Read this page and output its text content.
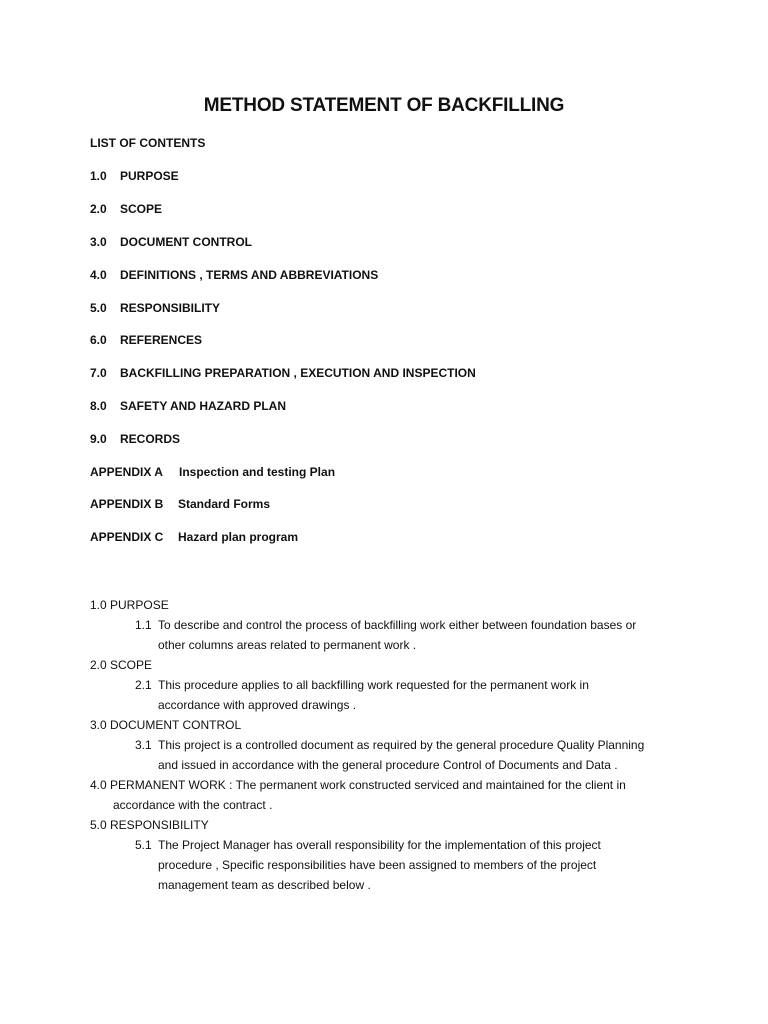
METHOD STATEMENT OF BACKFILLING
LIST OF CONTENTS
1.0 PURPOSE
2.0 SCOPE
3.0 DOCUMENT CONTROL
4.0 DEFINITIONS , TERMS AND ABBREVIATIONS
5.0 RESPONSIBILITY
6.0 REFERENCES
7.0 BACKFILLING PREPARATION , EXECUTION AND INSPECTION
8.0 SAFETY AND HAZARD PLAN
9.0 RECORDS
APPENDIX A Inspection and testing Plan
APPENDIX B Standard Forms
APPENDIX C Hazard plan program
1.0 PURPOSE
1.1 To describe and control the process of backfilling work either between foundation bases or
other columns areas related to permanent work .
2.0 SCOPE
2.1 This procedure applies to all backfilling work requested for the permanent work in
accordance with approved drawings .
3.0 DOCUMENT CONTROL
3.1 This project is a controlled document as required by the general procedure Quality Planning
and issued in accordance with the general procedure Control of Documents and Data .
4.0 PERMANENT WORK : The permanent work constructed serviced and maintained for the client in
accordance with the contract .
5.0 RESPONSIBILITY
5.1 The Project Manager has overall responsibility for the implementation of this project
procedure , Specific responsibilities have been assigned to members of the project
management team as described below .
